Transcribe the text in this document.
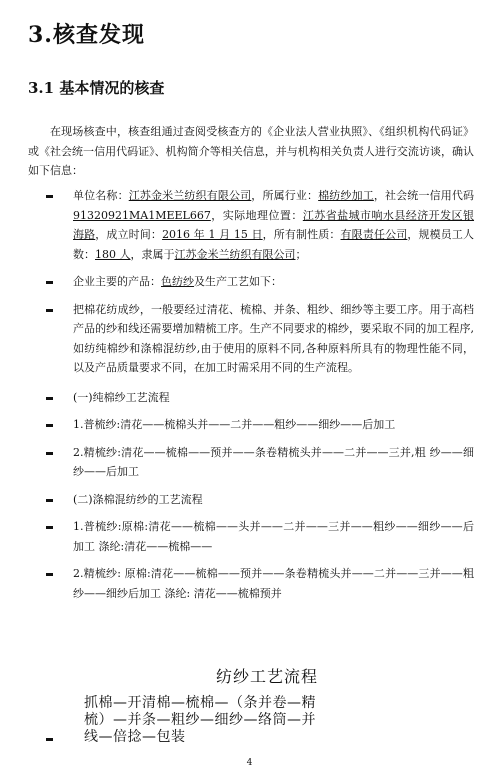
3.核查发现
3.1 基本情况的核查

在现场核查中，核查组通过查阅受核查方的《企业法人营业执照》、《组织机构代码证》或《社会统一信用代码证》、机构简介等相关信息，并与机构相关负责人进行交流访谈，确认如下信息：

单位名称：江苏金米兰纺织有限公司，所属行业：棉纺纱加工，社会统一信用代码91320921MA1MEEL667，实际地理位置：江苏省盐城市响水县经济开发区银海路，成立时间：2016 年 1 月 15 日，所有制性质：有限责任公司，规模员工人数：180 人，隶属于江苏金米兰纺织有限公司；
企业主要的产品：色纺纱及生产工艺如下：
把棉花纺成纱，一般要经过清花、梳棉、并条、粗纱、细纱等主要工序。用于高档产品的纱和线还需要增加精梳工序。生产不同要求的棉纱，要采取不同的加工程序,如纺纯棉纱和涤棉混纺纱,由于使用的原料不同,各种原料所具有的物理性能不同，以及产品质量要求不同，在加工时需采用不同的生产流程。
(一)纯棉纱工艺流程
1.普梳纱:清花——梳棉头并——二并——粗纱——细纱——后加工
2.精梳纱:清花——梳棉——预并——条卷精梳头并——二并——三并,粗 纱——细纱——后加工
(二)涤棉混纺纱的工艺流程
1.普梳纱:原棉:清花——梳棉——头并——二并——三并——粗纱——细纱——后加工 涤纶:清花——梳棉——
2.精梳纱: 原棉:清花——梳棉——预并——条卷精梳头并——二并——三并——粗纱——细纱后加工 涤纶: 清花——梳棉预并
纺纱工艺流程
抓棉—开清棉—梳棉—（条并卷—精
梳）—并条—粗纱—细纱—络筒—并
线—倍捻—包装
4
